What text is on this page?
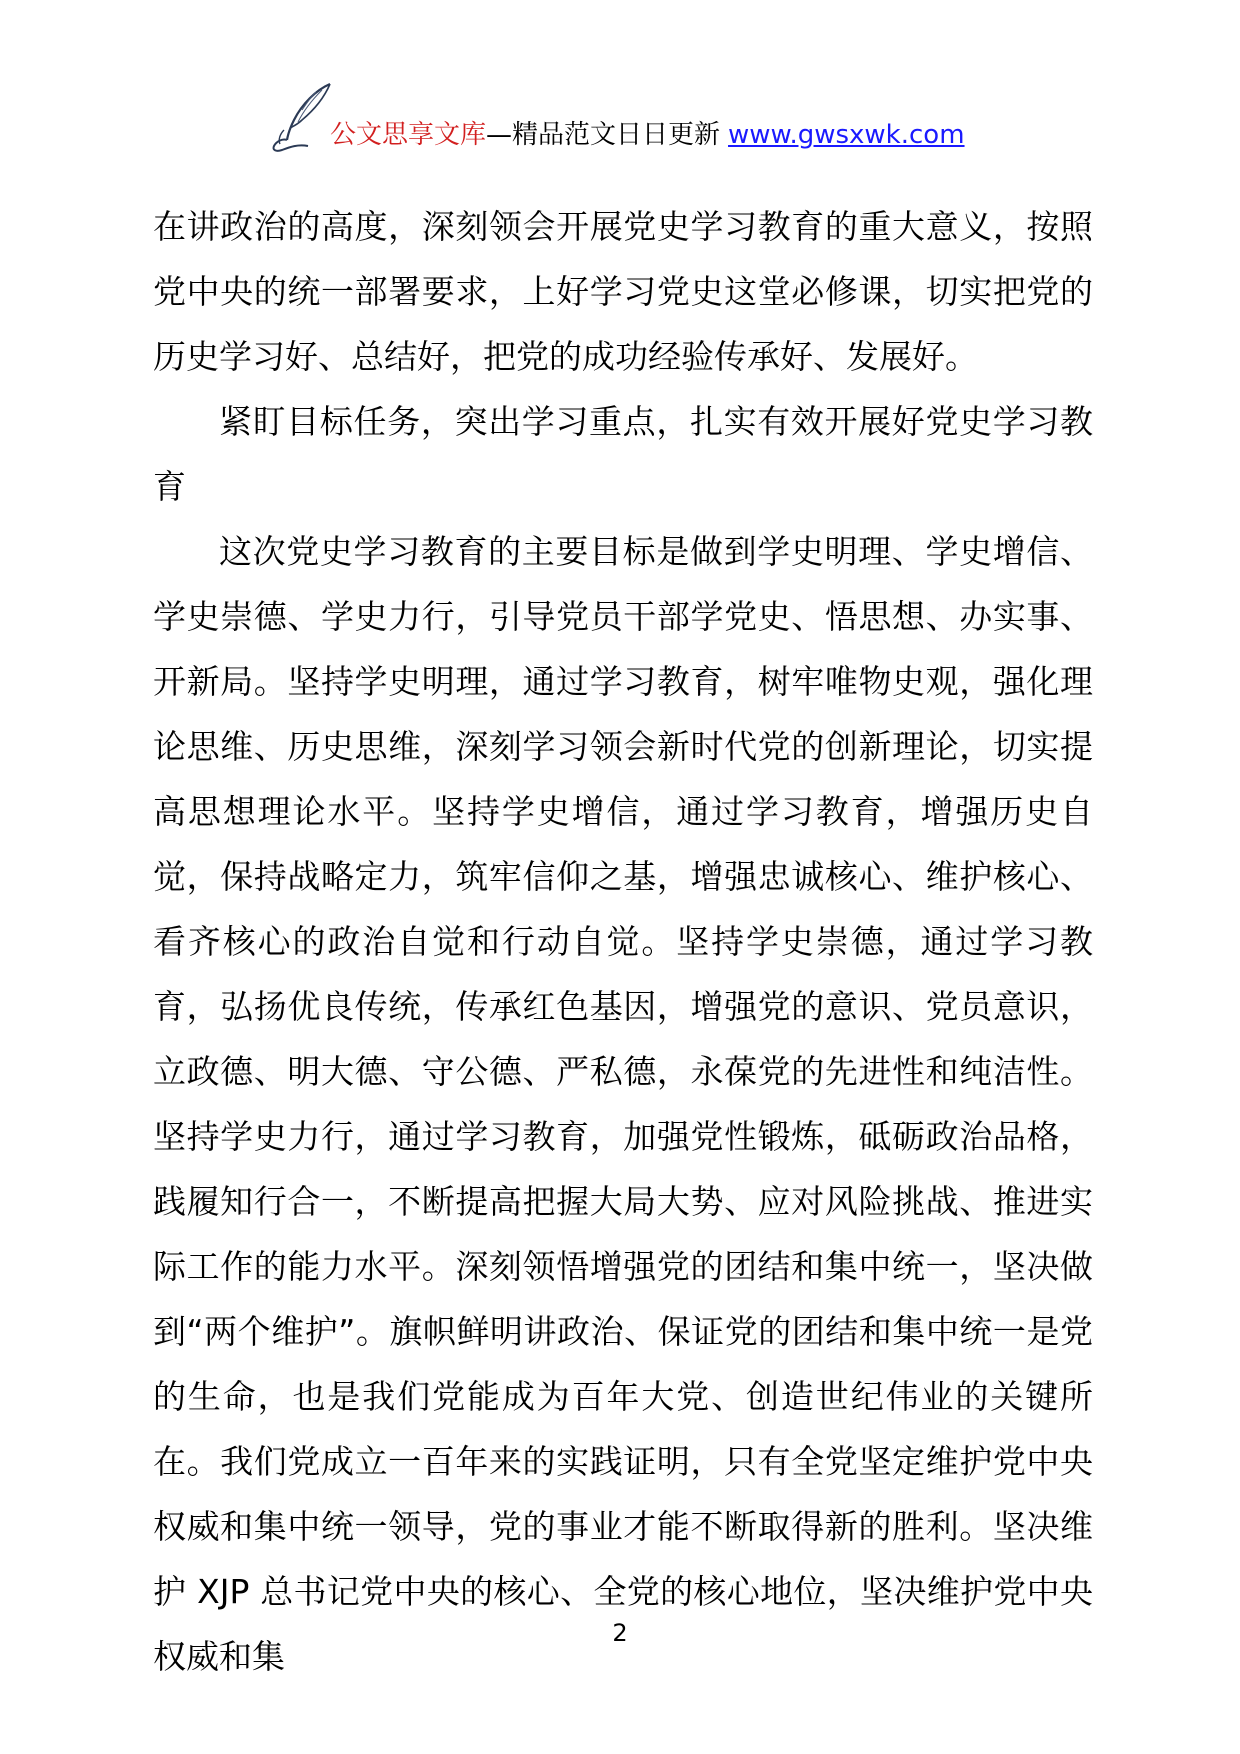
公文思享文库—精品范文日日更新 www.gwsxwk.com

在讲政治的高度，深刻领会开展党史学习教育的重大意义，按照党中央的统一部署要求，上好学习党史这堂必修课，切实把党的历史学习好、总结好，把党的成功经验传承好、发展好。

紧盯目标任务，突出学习重点，扎实有效开展好党史学习教育

这次党史学习教育的主要目标是做到学史明理、学史增信、学史崇德、学史力行，引导党员干部学党史、悟思想、办实事、开新局。坚持学史明理，通过学习教育，树牢唯物史观，强化理论思维、历史思维，深刻学习领会新时代党的创新理论，切实提高思想理论水平。坚持学史增信，通过学习教育，增强历史自觉，保持战略定力，筑牢信仰之基，增强忠诚核心、维护核心、看齐核心的政治自觉和行动自觉。坚持学史崇德，通过学习教育，弘扬优良传统，传承红色基因，增强党的意识、党员意识，立政德、明大德、守公德、严私德，永葆党的先进性和纯洁性。坚持学史力行，通过学习教育，加强党性锻炼，砥砺政治品格，践履知行合一，不断提高把握大局大势、应对风险挑战、推进实际工作的能力水平。深刻领悟增强党的团结和集中统一，坚决做到“两个维护”。旗帜鲜明讲政治、保证党的团结和集中统一是党的生命，也是我们党能成为百年大党、创造世纪伟业的关键所在。我们党成立一百年来的实践证明，只有全党坚定维护党中央权威和集中统一领导，党的事业才能不断取得新的胜利。坚决维护 XJP 总书记党中央的核心、全党的核心地位，坚决维护党中央权威和集

2
